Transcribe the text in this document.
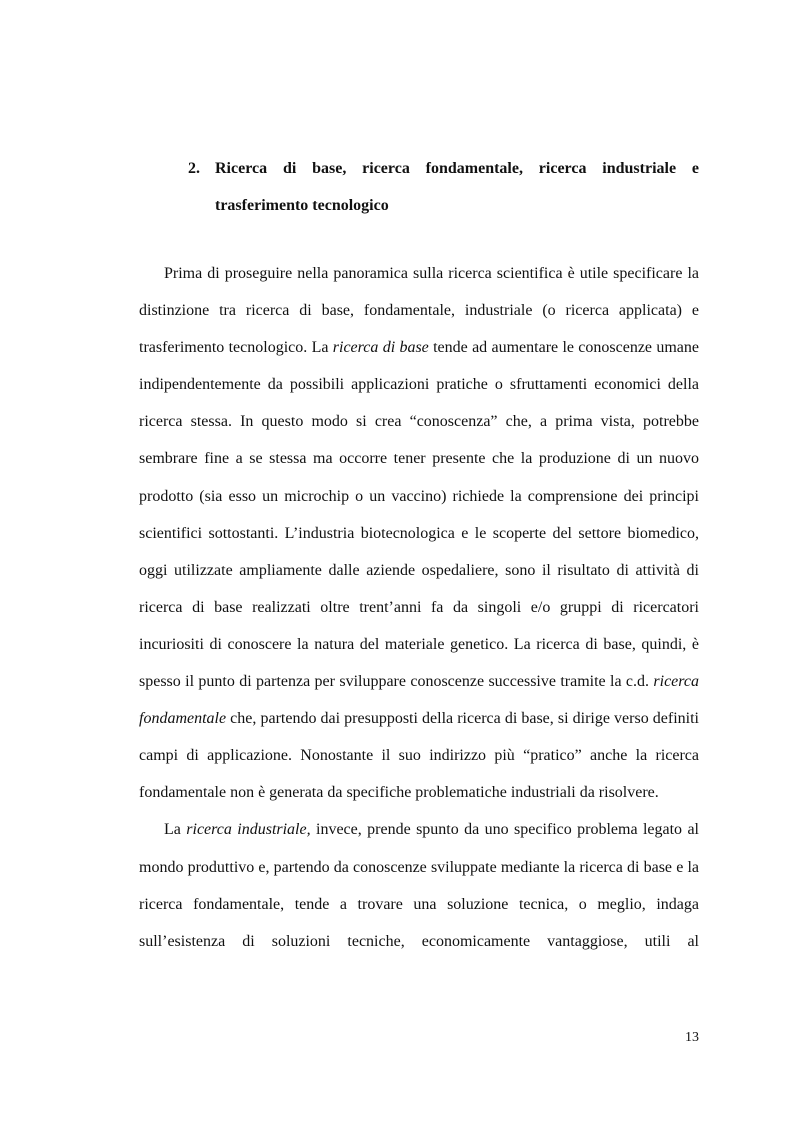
2. Ricerca di base, ricerca fondamentale, ricerca industriale e trasferimento tecnologico

Prima di proseguire nella panoramica sulla ricerca scientifica è utile specificare la distinzione tra ricerca di base, fondamentale, industriale (o ricerca applicata) e trasferimento tecnologico. La ricerca di base tende ad aumentare le conoscenze umane indipendentemente da possibili applicazioni pratiche o sfruttamenti economici della ricerca stessa. In questo modo si crea “conoscenza” che, a prima vista, potrebbe sembrare fine a se stessa ma occorre tener presente che la produzione di un nuovo prodotto (sia esso un microchip o un vaccino) richiede la comprensione dei principi scientifici sottostanti. L’industria biotecnologica e le scoperte del settore biomedico, oggi utilizzate ampliamente dalle aziende ospedaliere, sono il risultato di attività di ricerca di base realizzati oltre trent’anni fa da singoli e/o gruppi di ricercatori incuriositi di conoscere la natura del materiale genetico. La ricerca di base, quindi, è spesso il punto di partenza per sviluppare conoscenze successive tramite la c.d. ricerca fondamentale che, partendo dai presupposti della ricerca di base, si dirige verso definiti campi di applicazione. Nonostante il suo indirizzo più “pratico” anche la ricerca fondamentale non è generata da specifiche problematiche industriali da risolvere.

La ricerca industriale, invece, prende spunto da uno specifico problema legato al mondo produttivo e, partendo da conoscenze sviluppate mediante la ricerca di base e la ricerca fondamentale, tende a trovare una soluzione tecnica, o meglio, indaga sull’esistenza di soluzioni tecniche, economicamente vantaggiose, utili al

13
